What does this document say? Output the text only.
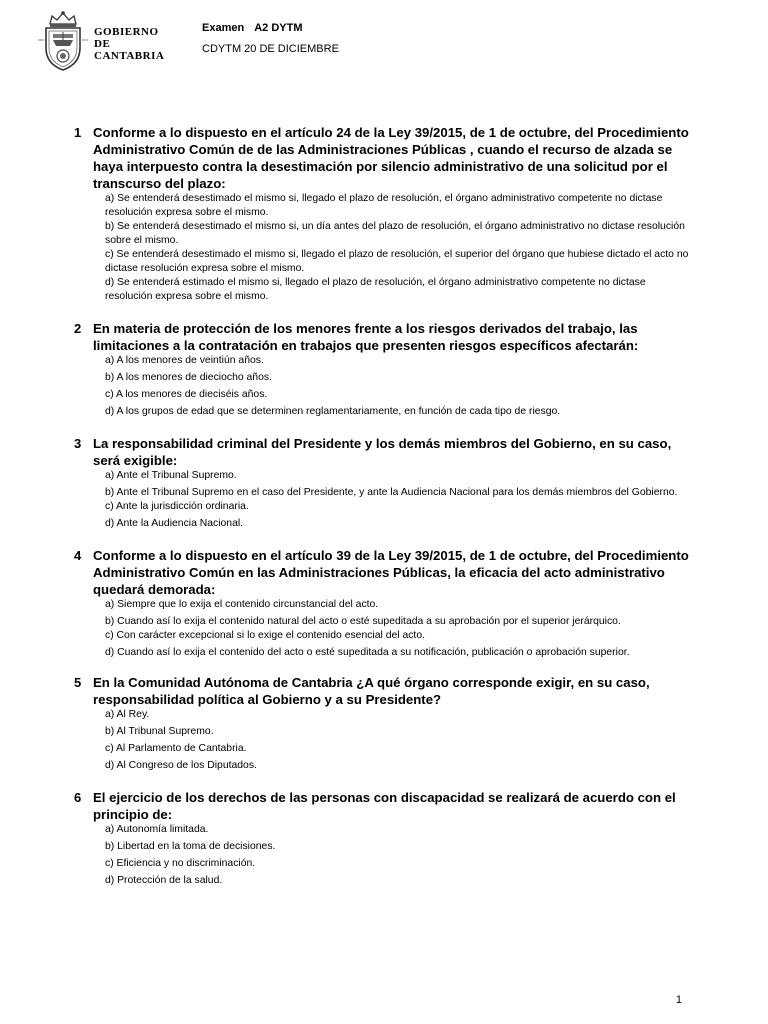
GOBIERNO
DE
CANTABRIA
Examen A2 DYTM
CDYTM 20 DE DICIEMBRE
1 Conforme a lo dispuesto en el artículo 24 de la Ley 39/2015, de 1 de octubre, del Procedimiento Administrativo Común de de las Administraciones Públicas , cuando el recurso de alzada se haya interpuesto contra la desestimación por silencio administrativo de una solicitud por el transcurso del plazo:
a) Se entenderá desestimado el mismo si, llegado el plazo de resolución, el órgano administrativo competente no dictase resolución expresa sobre el mismo.
b) Se entenderá desestimado el mismo si, un día antes del plazo de resolución, el órgano administrativo no dictase resolución sobre el mismo.
c) Se entenderá desestimado el mismo si, llegado el plazo de resolución, el superior del órgano que hubiese dictado el acto no dictase resolución expresa sobre el mismo.
d) Se entenderá estimado el mismo si, llegado el plazo de resolución, el órgano administrativo competente no dictase resolución expresa sobre el mismo.
2 En materia de protección de los menores frente a los riesgos derivados del trabajo, las limitaciones a la contratación en trabajos que presenten riesgos específicos afectarán:
a) A los menores de veintiún años.
b) A los menores de dieciocho años.
c) A los menores de dieciséis años.
d) A los grupos de edad que se determinen reglamentariamente, en función de cada tipo de riesgo.
3 La responsabilidad criminal del Presidente y los demás miembros del Gobierno, en su caso, será exigible:
a) Ante el Tribunal Supremo.
b) Ante el Tribunal Supremo en el caso del Presidente, y ante la Audiencia Nacional para los demás miembros del Gobierno.
c) Ante la jurisdicción ordinaria.
d) Ante la Audiencia Nacional.
4 Conforme a lo dispuesto en el artículo 39 de la Ley 39/2015, de 1 de octubre, del Procedimiento Administrativo Común en las Administraciones Públicas, la eficacia del acto administrativo quedará demorada:
a) Siempre que lo exija el contenido circunstancial del acto.
b) Cuando así lo exija el contenido natural del acto o esté supeditada a su aprobación por el superior jerárquico.
c) Con carácter excepcional si lo exige el contenido esencial del acto.
d) Cuando así lo exija el contenido del acto o esté supeditada a su notificación, publicación o aprobación superior.
5 En la Comunidad Autónoma de Cantabria ¿A qué órgano corresponde exigir, en su caso, responsabilidad política al Gobierno y a su Presidente?
a) Al Rey.
b) Al Tribunal Supremo.
c) Al Parlamento de Cantabria.
d) Al Congreso de los Diputados.
6 El ejercicio de los derechos de las personas con discapacidad se realizará de acuerdo con el principio de:
a) Autonomía limitada.
b) Libertad en la toma de decisiones.
c) Eficiencia y no discriminación.
d) Protección de la salud.
1
